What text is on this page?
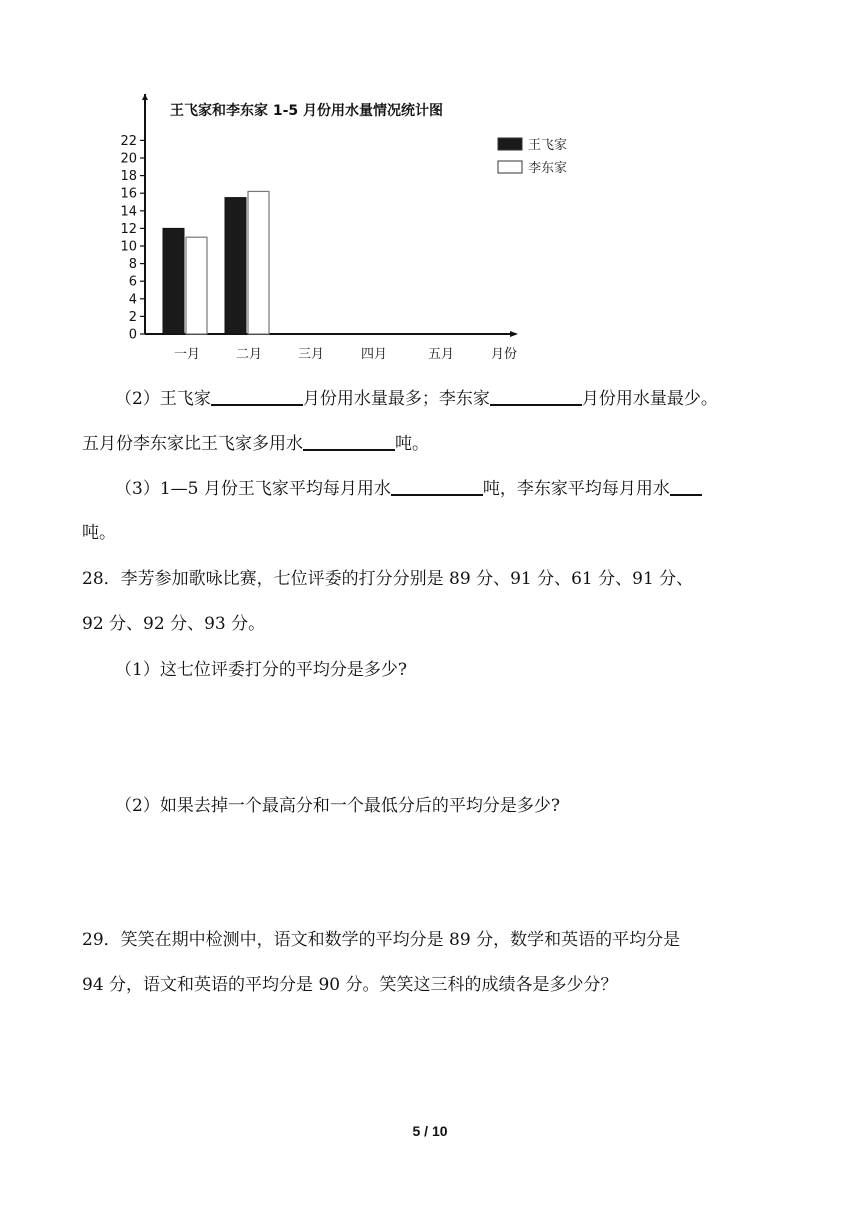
王飞家和李东家 1-5 月份用水量情况统计图
0
2
4
6
8
10
12
14
16
18
20
22
一月	二月	三月	四月	五月	月份
王飞家
李东家
（2）王飞家	月份用水量最多；李东家	月份用水量最少。
五月份李东家比王飞家多用水	吨。
（3）1—5 月份王飞家平均每月用水	吨，李东家平均每月用水
吨。
28．李芳参加歌咏比赛，七位评委的打分分别是 89 分、91 分、61 分、91 分、
92 分、92 分、93 分。
（1）这七位评委打分的平均分是多少?
（2）如果去掉一个最高分和一个最低分后的平均分是多少?
29．笑笑在期中检测中，语文和数学的平均分是 89 分，数学和英语的平均分是
94 分，语文和英语的平均分是 90 分。笑笑这三科的成绩各是多少分？
5 / 10
